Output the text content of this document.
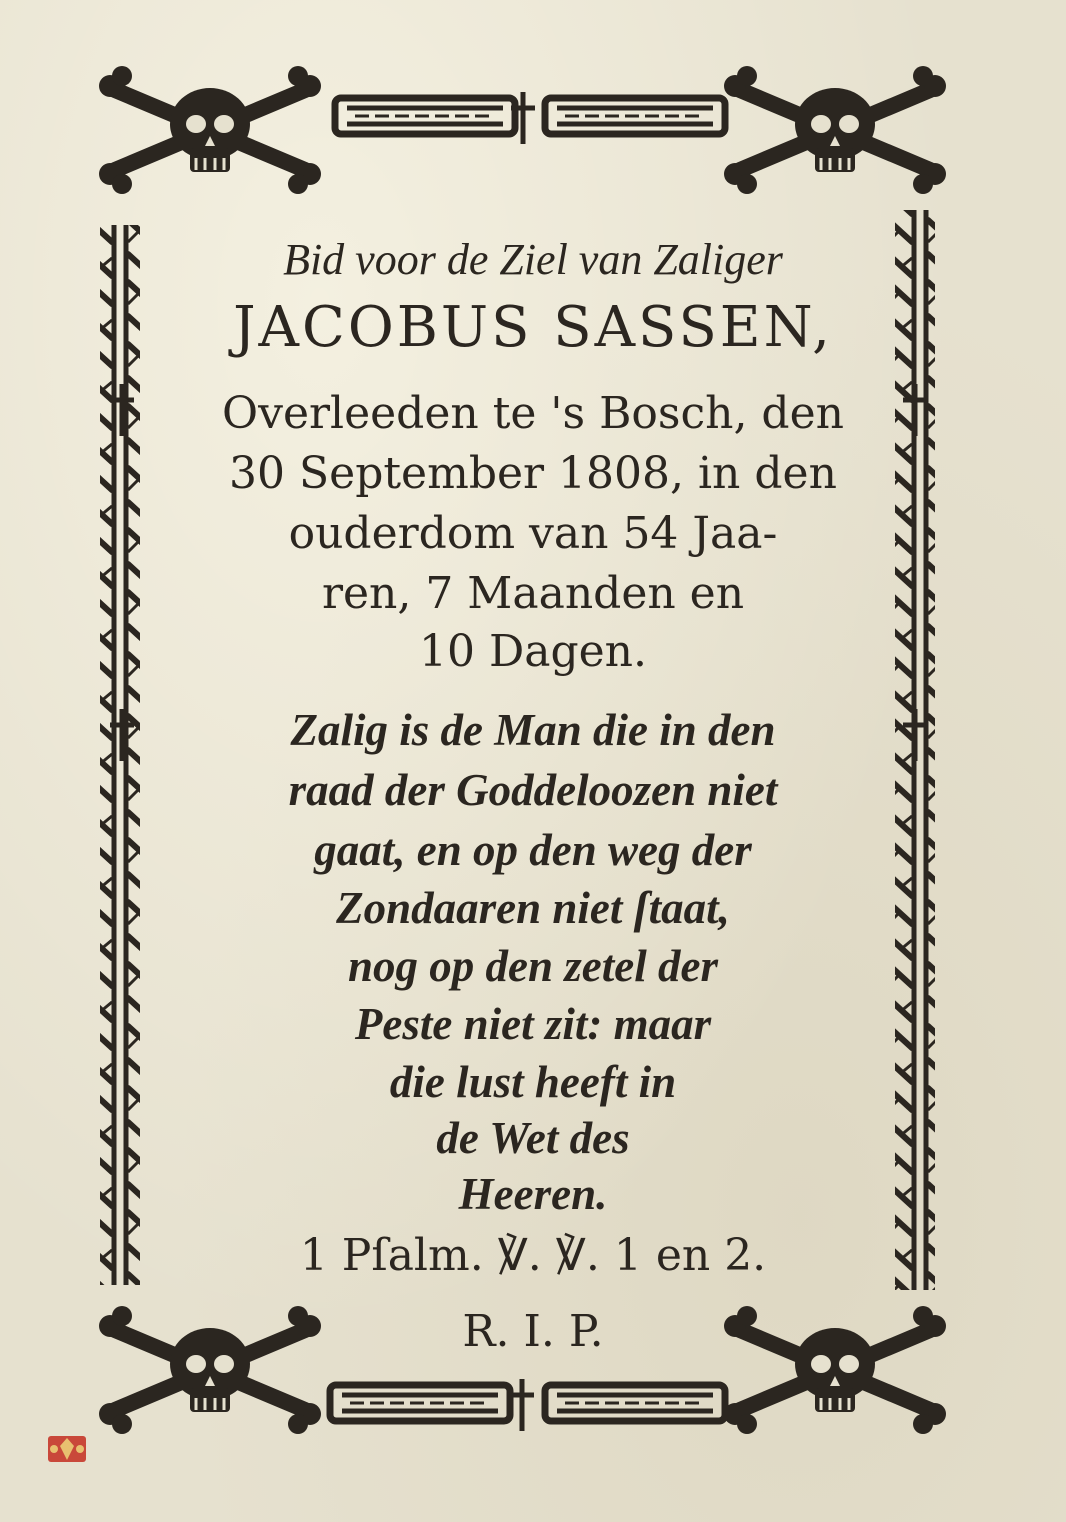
Bid voor de Ziel van Zaliger
JACOBUS SASSEN,
Overleeden te 's Bosch, den
30 September 1808, in den
ouderdom van 54 Jaa-
ren, 7 Maanden en
10 Dagen.
Zalig is de Man die in den
raad der Goddeloozen niet
gaat, en op den weg der
Zondaaren niet ſtaat,
nog op den zetel der
Peste niet zit: maar
die lust heeft in
de Wet des
Heeren.
1 Pſalm. ℣. ℣. 1 en 2.
R. I. P.
